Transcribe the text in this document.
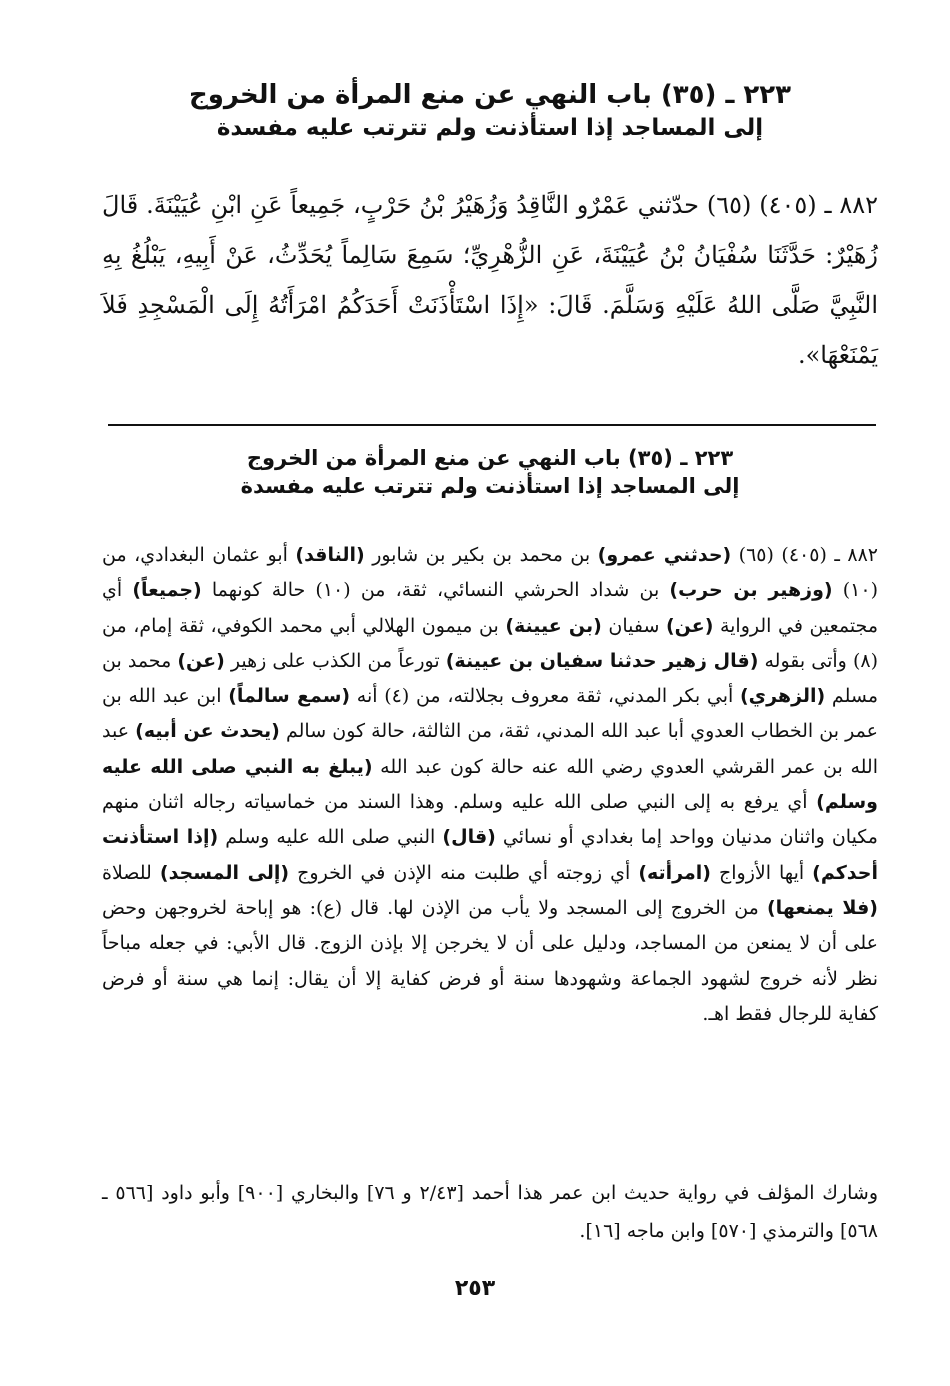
٢٢٣ ـ (٣٥) باب النهي عن منع المرأة من الخروج

إلى المساجد إذا استأذنت ولم تترتب عليه مفسدة

٨٨٢ ـ (٤٠٥) (٦٥) حدّثني عَمْرٌو النَّاقِدُ وَزُهَيْرُ بْنُ حَرْبٍ، جَمِيعاً عَنِ ابْنِ عُيَيْنَةَ. قَالَ زُهَيْرٌ: حَدَّثَنَا سُفْيَانُ بْنُ عُيَيْنَةَ، عَنِ الزُّهْرِيِّ؛ سَمِعَ سَالِماً يُحَدِّثُ، عَنْ أَبِيهِ، يَبْلُغُ بِهِ النَّبِيَّ صَلَّى اللهُ عَلَيْهِ وَسَلَّمَ. قَالَ: «إِذَا اسْتَأْذَنَتْ أَحَدَكُمُ امْرَأَتُهُ إِلَى الْمَسْجِدِ فَلاَ يَمْنَعْهَا».

٢٢٣ ـ (٣٥) باب النهي عن منع المرأة من الخروج

إلى المساجد إذا استأذنت ولم تترتب عليه مفسدة

٨٨٢ ـ (٤٠٥) (٦٥) (حدثني عمرو) بن محمد بن بكير بن شابور (الناقد) أبو عثمان البغدادي، من (١٠) (وزهير بن حرب) بن شداد الحرشي النسائي، ثقة، من (١٠) حالة كونهما (جميعاً) أي مجتمعين في الرواية (عن) سفيان (بن عيينة) بن ميمون الهلالي أبي محمد الكوفي، ثقة إمام، من (٨) وأتى بقوله (قال زهير حدثنا سفيان بن عيينة) تورعاً من الكذب على زهير (عن) محمد بن مسلم (الزهري) أبي بكر المدني، ثقة معروف بجلالته، من (٤) أنه (سمع سالماً) ابن عبد الله بن عمر بن الخطاب العدوي أبا عبد الله المدني، ثقة، من الثالثة، حالة كون سالم (يحدث عن أبيه) عبد الله بن عمر القرشي العدوي رضي الله عنه حالة كون عبد الله (يبلغ به النبي صلى الله عليه وسلم) أي يرفع به إلى النبي صلى الله عليه وسلم. وهذا السند من خماسياته رجاله اثنان منهم مكيان واثنان مدنيان وواحد إما بغدادي أو نسائي (قال) النبي صلى الله عليه وسلم (إذا استأذنت أحدكم) أيها الأزواج (امرأته) أي زوجته أي طلبت منه الإذن في الخروج (إلى المسجد) للصلاة (فلا يمنعها) من الخروج إلى المسجد ولا يأب من الإذن لها. قال (ع): هو إباحة لخروجهن وحض على أن لا يمنعن من المساجد، ودليل على أن لا يخرجن إلا بإذن الزوج. قال الأبي: في جعله مباحاً نظر لأنه خروج لشهود الجماعة وشهودها سنة أو فرض كفاية إلا أن يقال: إنما هي سنة أو فرض كفاية للرجال فقط اهـ.

وشارك المؤلف في رواية حديث ابن عمر هذا أحمد [٢/٤٣ و ٧٦] والبخاري [٩٠٠] وأبو داود [٥٦٦ ـ ٥٦٨] والترمذي [٥٧٠] وابن ماجه [١٦].

٢٥٣
